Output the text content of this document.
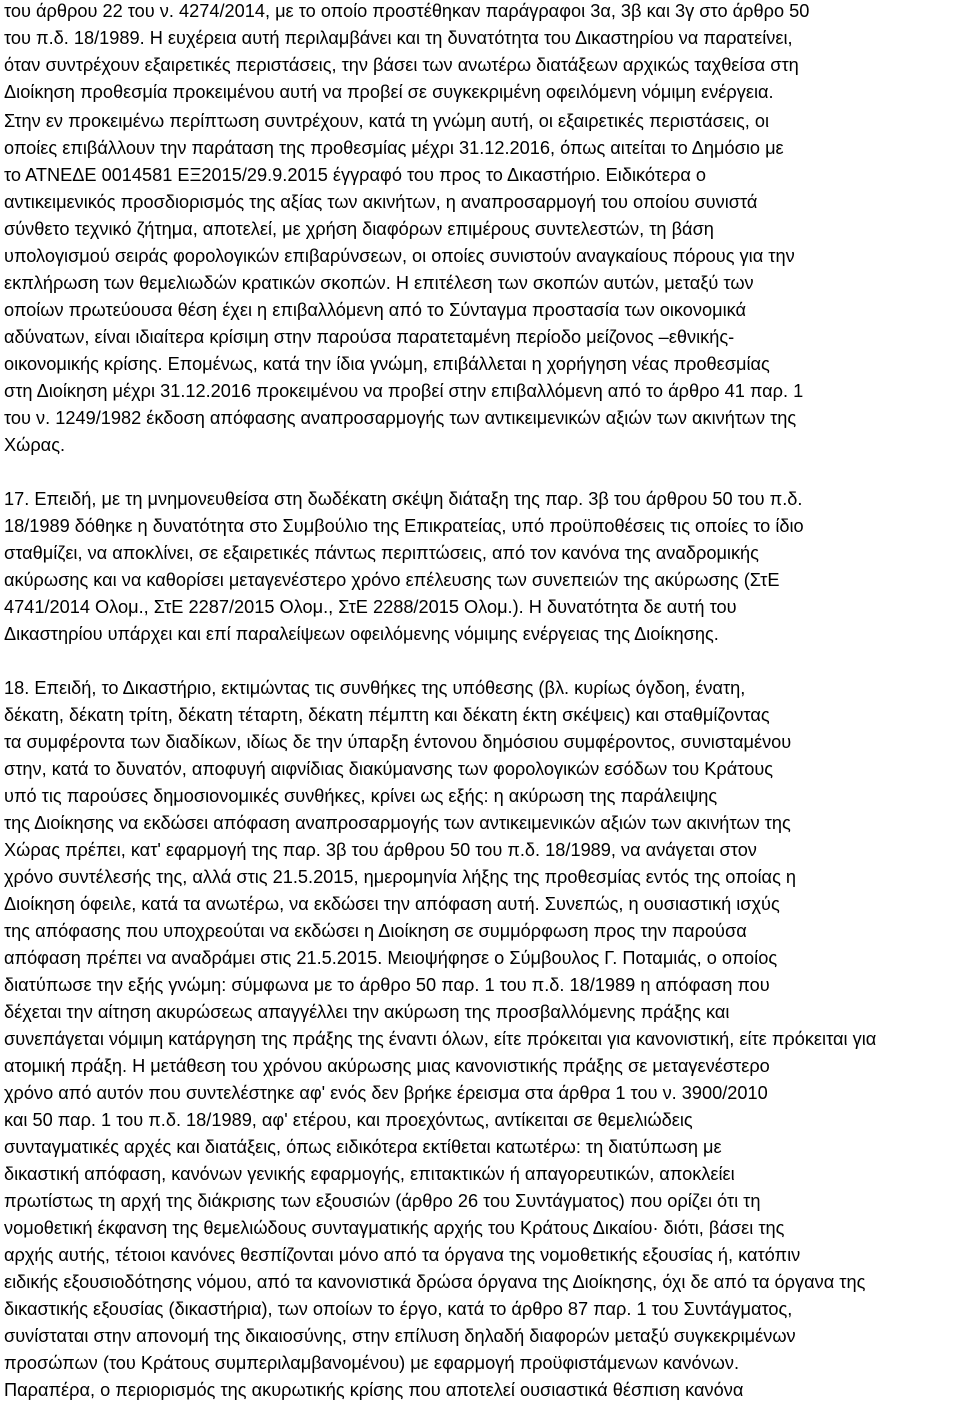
του άρθρου 22 του ν. 4274/2014, με το οποίο προστέθηκαν παράγραφοι 3α, 3β και 3γ στο άρθρο 50
του π.δ. 18/1989. Η ευχέρεια αυτή περιλαμβάνει και τη δυνατότητα του Δικαστηρίου να παρατείνει,
όταν συντρέχουν εξαιρετικές περιστάσεις, την βάσει των ανωτέρω διατάξεων αρχικώς ταχθείσα στη
Διοίκηση προθεσμία προκειμένου αυτή να προβεί σε συγκεκριμένη οφειλόμενη νόμιμη ενέργεια.
Στην εν προκειμένω περίπτωση συντρέχουν, κατά τη γνώμη αυτή, οι εξαιρετικές περιστάσεις, οι
οποίες επιβάλλουν την παράταση της προθεσμίας μέχρι 31.12.2016, όπως αιτείται το Δημόσιο με
το ΑΤΝΕΔΕ 0014581 ΕΞ2015/29.9.2015 έγγραφό του προς το Δικαστήριο. Ειδικότερα ο
αντικειμενικός προσδιορισμός της αξίας των ακινήτων, η αναπροσαρμογή του οποίου συνιστά
σύνθετο τεχνικό ζήτημα, αποτελεί, με χρήση διαφόρων επιμέρους συντελεστών, τη βάση
υπολογισμού σειράς φορολογικών επιβαρύνσεων, οι οποίες συνιστούν αναγκαίους πόρους για την
εκπλήρωση των θεμελιωδών κρατικών σκοπών. Η επιτέλεση των σκοπών αυτών, μεταξύ των
οποίων πρωτεύουσα θέση έχει η επιβαλλόμενη από το Σύνταγμα προστασία των οικονομικά
αδύνατων, είναι ιδιαίτερα κρίσιμη στην παρούσα παρατεταμένη περίοδο μείζονος –εθνικής-
οικονομικής κρίσης. Επομένως, κατά την ίδια γνώμη, επιβάλλεται η χορήγηση νέας προθεσμίας
στη Διοίκηση μέχρι 31.12.2016 προκειμένου να προβεί στην επιβαλλόμενη από το άρθρο 41 παρ. 1
του ν. 1249/1982 έκδοση απόφασης αναπροσαρμογής των αντικειμενικών αξιών των ακινήτων της
Χώρας.
17. Επειδή, με τη μνημονευθείσα στη δωδέκατη σκέψη διάταξη της παρ. 3β του άρθρου 50 του π.δ.
18/1989 δόθηκε η δυνατότητα στο Συμβούλιο της Επικρατείας, υπό προϋποθέσεις τις οποίες το ίδιο
σταθμίζει, να αποκλίνει, σε εξαιρετικές πάντως περιπτώσεις, από τον κανόνα της αναδρομικής
ακύρωσης και να καθορίσει μεταγενέστερο χρόνο επέλευσης των συνεπειών της ακύρωσης (ΣτΕ
4741/2014 Ολομ., ΣτΕ 2287/2015 Ολομ., ΣτΕ 2288/2015 Ολομ.). Η δυνατότητα δε αυτή του
Δικαστηρίου υπάρχει και επί παραλείψεων οφειλόμενης νόμιμης ενέργειας της Διοίκησης.
18. Επειδή, το Δικαστήριο, εκτιμώντας τις συνθήκες της υπόθεσης (βλ. κυρίως όγδοη, ένατη,
δέκατη, δέκατη τρίτη, δέκατη τέταρτη, δέκατη πέμπτη και δέκατη έκτη σκέψεις) και σταθμίζοντας
τα συμφέροντα των διαδίκων, ιδίως δε την ύπαρξη έντονου δημόσιου συμφέροντος, συνισταμένου
στην, κατά το δυνατόν, αποφυγή αιφνίδιας διακύμανσης των φορολογικών εσόδων του Κράτους
υπό τις παρούσες δημοσιονομικές συνθήκες, κρίνει ως εξής: η ακύρωση της παράλειψης
της Διοίκησης να εκδώσει απόφαση αναπροσαρμογής των αντικειμενικών αξιών των ακινήτων της
Χώρας πρέπει, κατ' εφαρμογή της παρ. 3β του άρθρου 50 του π.δ. 18/1989, να ανάγεται στον
χρόνο συντέλεσής της, αλλά στις 21.5.2015, ημερομηνία λήξης της προθεσμίας εντός της οποίας η
Διοίκηση όφειλε, κατά τα ανωτέρω, να εκδώσει την απόφαση αυτή. Συνεπώς, η ουσιαστική ισχύς
της απόφασης που υποχρεούται να εκδώσει η Διοίκηση σε συμμόρφωση προς την παρούσα
απόφαση πρέπει να αναδράμει στις 21.5.2015. Μειοψήφησε ο Σύμβουλος Γ. Ποταμιάς, ο οποίος
διατύπωσε την εξής γνώμη: σύμφωνα με το άρθρο 50 παρ. 1 του π.δ. 18/1989 η απόφαση που
δέχεται την αίτηση ακυρώσεως απαγγέλλει την ακύρωση της προσβαλλόμενης πράξης και
συνεπάγεται νόμιμη κατάργηση της πράξης της έναντι όλων, είτε πρόκειται για κανονιστική, είτε πρόκειται για
ατομική πράξη. Η μετάθεση του χρόνου ακύρωσης μιας κανονιστικής πράξης σε μεταγενέστερο
χρόνο από αυτόν που συντελέστηκε αφ' ενός δεν βρήκε έρεισμα στα άρθρα 1 του ν. 3900/2010
και 50 παρ. 1 του π.δ. 18/1989, αφ' ετέρου, και προεχόντως, αντίκειται σε θεμελιώδεις
συνταγματικές αρχές και διατάξεις, όπως ειδικότερα εκτίθεται κατωτέρω: τη διατύπωση με
δικαστική απόφαση, κανόνων γενικής εφαρμογής, επιτακτικών ή απαγορευτικών, αποκλείει
πρωτίστως τη αρχή της διάκρισης των εξουσιών (άρθρο 26 του Συντάγματος) που ορίζει ότι τη
νομοθετική έκφανση της θεμελιώδους συνταγματικής αρχής του Κράτους Δικαίου· διότι, βάσει της
αρχής αυτής, τέτοιοι κανόνες θεσπίζονται μόνο από τα όργανα της νομοθετικής εξουσίας ή, κατόπιν
ειδικής εξουσιοδότησης νόμου, από τα κανονιστικά δρώσα όργανα της Διοίκησης, όχι δε από τα όργανα της
δικαστικής εξουσίας (δικαστήρια), των οποίων το έργο, κατά το άρθρο 87 παρ. 1 του Συντάγματος,
συνίσταται στην απονομή της δικαιοσύνης, στην επίλυση δηλαδή διαφορών μεταξύ συγκεκριμένων
προσώπων (του Κράτους συμπεριλαμβανομένου) με εφαρμογή προϋφιστάμενων κανόνων.
Παραπέρα, ο περιορισμός της ακυρωτικής κρίσης που αποτελεί ουσιαστικά θέσπιση κανόνα
